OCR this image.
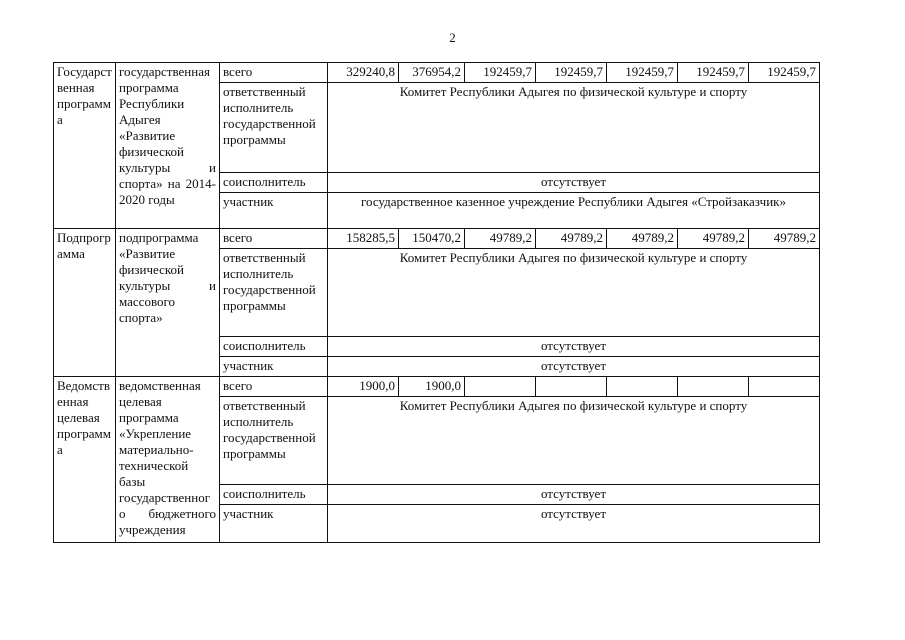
2
Государственная программа	государственная программа Республики Адыгея «Развитие физической культуры и спорта» на 2014-2020 годы	всего	329240,8	376954,2	192459,7	192459,7	192459,7	192459,7	192459,7
		ответственный исполнитель государственной программы	Комитет Республики Адыгея по физической культуре и спорту						
		соисполнитель	отсутствует						
		участник	государственное казенное учреждение Республики Адыгея «Стройзаказчик»						
Подпрограмма	подпрограмма «Развитие физической культуры и массового спорта»	всего	158285,5	150470,2	49789,2	49789,2	49789,2	49789,2	49789,2
		ответственный исполнитель государственной программы	Комитет Республики Адыгея по физической культуре и спорту						
		соисполнитель	отсутствует						
		участник	отсутствует						
Ведомственная целевая программа	ведомственная целевая программа «Укрепление материально-технической базы государственного бюджетного учреждения	всего	1900,0	1900,0					
		ответственный исполнитель государственной программы	Комитет Республики Адыгея по физической культуре и спорту						
		соисполнитель	отсутствует						
		участник	отсутствует						
